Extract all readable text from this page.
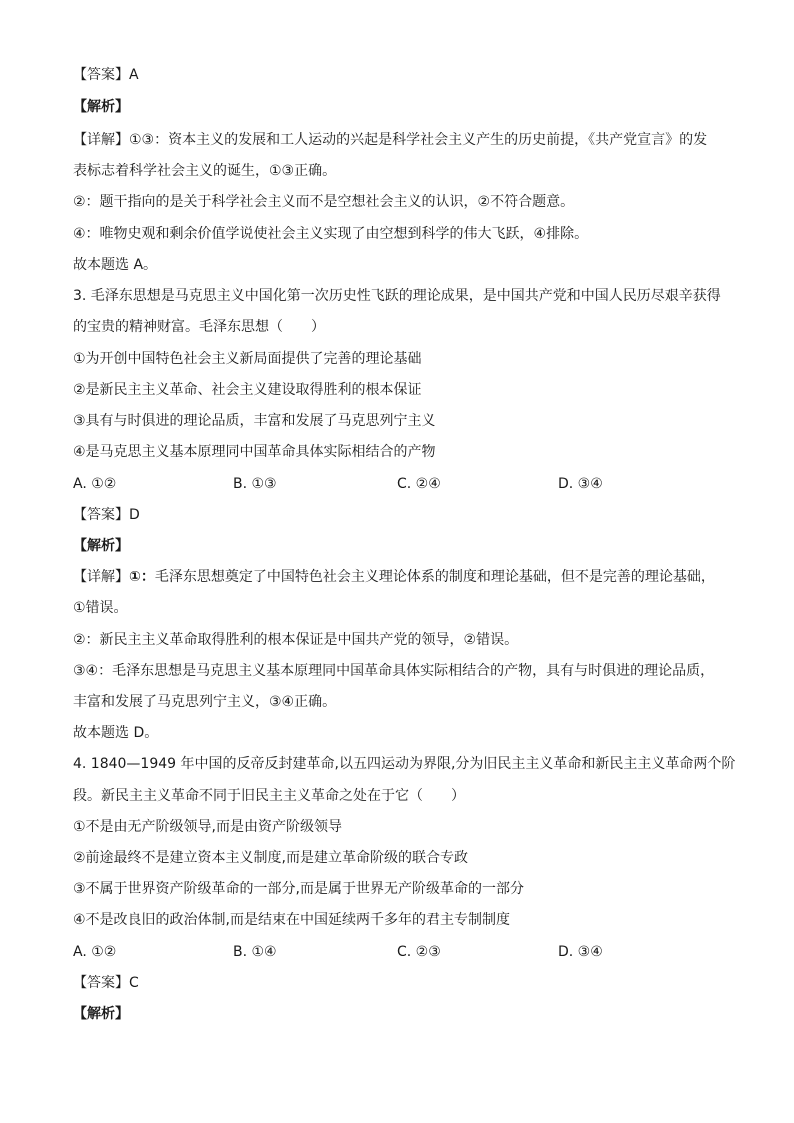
【答案】A
【解析】
【详解】①③：资本主义的发展和工人运动的兴起是科学社会主义产生的历史前提，《共产党宣言》的发
表标志着科学社会主义的诞生，①③正确。
②：题干指向的是关于科学社会主义而不是空想社会主义的认识，②不符合题意。
④：唯物史观和剩余价值学说使社会主义实现了由空想到科学的伟大飞跃，④排除。
故本题选 A。
3. 毛泽东思想是马克思主义中国化第一次历史性飞跃的理论成果，是中国共产党和中国人民历尽艰辛获得
的宝贵的精神财富。毛泽东思想（　　）
①为开创中国特色社会主义新局面提供了完善的理论基础
②是新民主主义革命、社会主义建设取得胜利的根本保证
③具有与时俱进的理论品质，丰富和发展了马克思列宁主义
④是马克思主义基本原理同中国革命具体实际相结合的产物
A. ①②	B. ①③	C. ②④	D. ③④
【答案】D
【解析】
【详解】①：毛泽东思想奠定了中国特色社会主义理论体系的制度和理论基础，但不是完善的理论基础，
①错误。
②：新民主主义革命取得胜利的根本保证是中国共产党的领导，②错误。
③④：毛泽东思想是马克思主义基本原理同中国革命具体实际相结合的产物，具有与时俱进的理论品质，
丰富和发展了马克思列宁主义，③④正确。
故本题选 D。
4. 1840—1949 年中国的反帝反封建革命,以五四运动为界限,分为旧民主主义革命和新民主主义革命两个阶
段。新民主主义革命不同于旧民主主义革命之处在于它（　　）
①不是由无产阶级领导,而是由资产阶级领导
②前途最终不是建立资本主义制度,而是建立革命阶级的联合专政
③不属于世界资产阶级革命的一部分,而是属于世界无产阶级革命的一部分
④不是改良旧的政治体制,而是结束在中国延续两千多年的君主专制制度
A. ①②	B. ①④	C. ②③	D. ③④
【答案】C
【解析】
